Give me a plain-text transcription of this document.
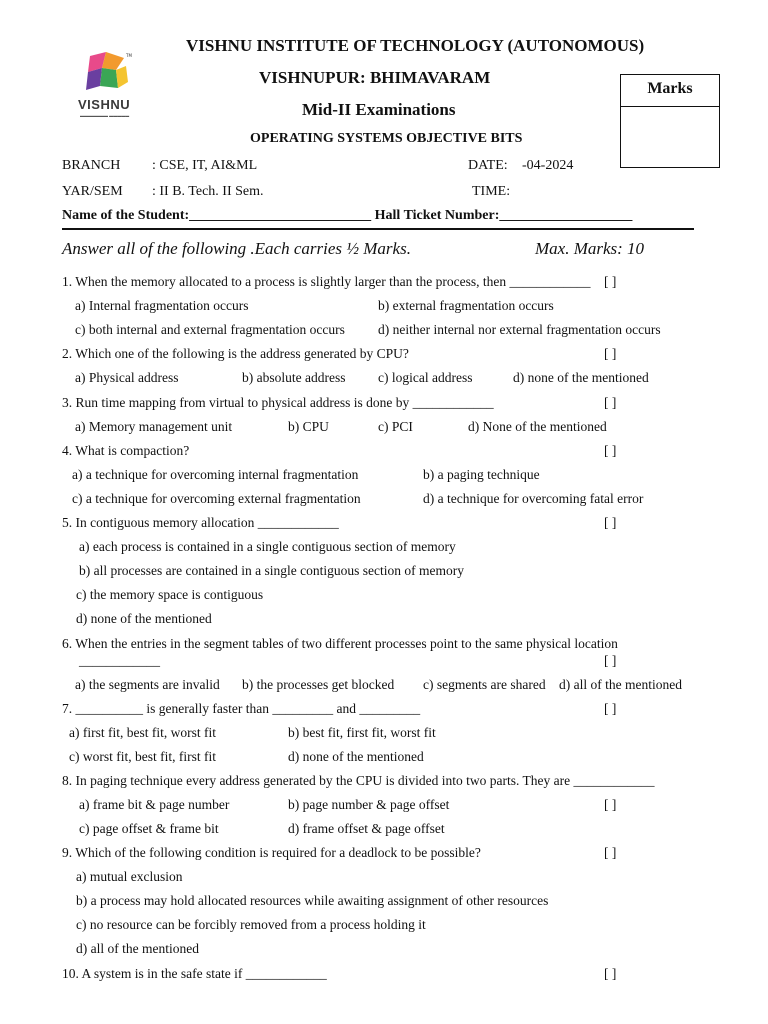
TM
VISHNU
▬▬▬▬▬▬▬ ▬▬▬▬▬
VISHNU INSTITUTE OF TECHNOLOGY (AUTONOMOUS)
VISHNUPUR: BHIMAVARAM
Mid-II Examinations
OPERATING SYSTEMS OBJECTIVE BITS
Marks
BRANCH : CSE, IT, AI&ML	DATE: -04-2024
YAR/SEM : II B. Tech. II Sem.	TIME:
Name of the Student:__________________________ Hall Ticket Number:___________________
Answer all of the following .Each carries ½ Marks.	Max. Marks: 10
1. When the memory allocated to a process is slightly larger than the process, then ____________ [ ]
a) Internal fragmentation occurs	b) external fragmentation occurs
c) both internal and external fragmentation occurs d) neither internal nor external fragmentation occurs
2. Which one of the following is the address generated by CPU?	[ ]
a) Physical address	b) absolute address c) logical address	d) none of the mentioned
3. Run time mapping from virtual to physical address is done by ____________	[ ]
a) Memory management unit	b) CPU	c) PCI	d) None of the mentioned
4. What is compaction?	[ ]
a) a technique for overcoming internal fragmentation	b) a paging technique
c) a technique for overcoming external fragmentation	d) a technique for overcoming fatal error
5. In contiguous memory allocation ____________	[ ]
a) each process is contained in a single contiguous section of memory
b) all processes are contained in a single contiguous section of memory
c) the memory space is contiguous
d) none of the mentioned
6. When the entries in the segment tables of two different processes point to the same physical location
____________	[ ]
a) the segments are invalid b) the processes get blocked c) segments are shared d) all of the mentioned
7. __________ is generally faster than _________ and _________	[ ]
a) first fit, best fit, worst fit	b) best fit, first fit, worst fit
c) worst fit, best fit, first fit	d) none of the mentioned
8. In paging technique every address generated by the CPU is divided into two parts. They are ____________
a) frame bit & page number	b) page number & page offset	[ ]
c) page offset & frame bit	d) frame offset & page offset
9. Which of the following condition is required for a deadlock to be possible?	[ ]
a) mutual exclusion
b) a process may hold allocated resources while awaiting assignment of other resources
c) no resource can be forcibly removed from a process holding it
d) all of the mentioned
10. A system is in the safe state if ____________	[ ]
